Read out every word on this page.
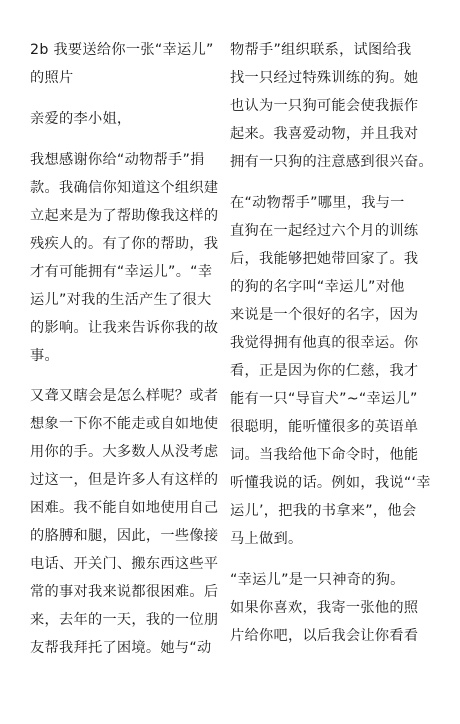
2b 我要送给你一张“幸运儿”
的照片
亲爱的李小姐，
我想感谢你给“动物帮手”捐
款。我确信你知道这个组织建
立起来是为了帮助像我这样的
残疾人的。有了你的帮助，我
才有可能拥有“幸运儿”。“幸
运儿”对我的生活产生了很大
的影响。让我来告诉你我的故
事。
又聋又瞎会是怎么样呢？或者
想象一下你不能走或自如地使
用你的手。大多数人从没考虑
过这一，但是许多人有这样的
困难。我不能自如地使用自己
的胳膊和腿，因此，一些像接
电话、开关门、搬东西这些平
常的事对我来说都很困难。后
来，去年的一天，我的一位朋
友帮我拜托了困境。她与“动
物帮手”组织联系，试图给我
找一只经过特殊训练的狗。她
也认为一只狗可能会使我振作
起来。我喜爱动物，并且我对
拥有一只狗的注意感到很兴奋。
在“动物帮手”哪里，我与一
直狗在一起经过六个月的训练
后，我能够把她带回家了。我
的狗的名字叫“幸运儿”对他
来说是一个很好的名字，因为
我觉得拥有他真的很幸运。你
看，正是因为你的仁慈，我才
能有一只“导盲犬”~“幸运儿”
很聪明，能听懂很多的英语单
词。当我给他下命令时，他能
听懂我说的话。例如，我说“‘幸
运儿’，把我的书拿来”，他会
马上做到。
“幸运儿”是一只神奇的狗。
如果你喜欢，我寄一张他的照
片给你吧，以后我会让你看看
